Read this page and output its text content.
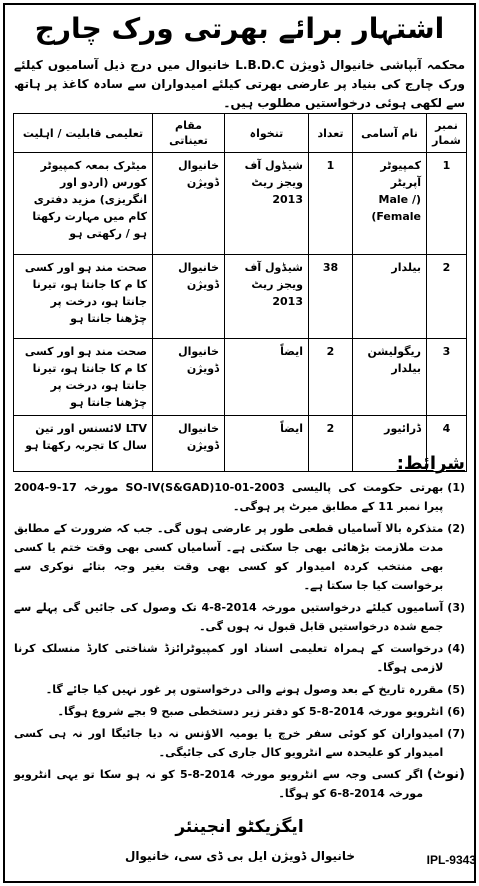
اشتہار برائے بھرتی ورک چارج
محکمہ آبپاشی خانیوال ڈویژن L.B.D.C خانیوال میں درج ذیل آسامیوں کیلئے ورک چارج کی بنیاد پر عارضی بھرتی کیلئے امیدواران سے سادہ کاغذ پر ہاتھ سے لکھی ہوئی درخواستیں مطلوب ہیں۔
نمبر شمار	نام آسامی	تعداد	تنخواہ	مقام تعیناتی	تعلیمی قابلیت / اہلیت
1	کمپیوٹر آپریٹر (Male / Female)	1	شیڈول آف ویجز ریٹ 2013	خانیوال ڈویژن	میٹرک بمعہ کمپیوٹر کورس (اردو اور انگریزی) مزید دفتری کام میں مہارت رکھتا ہو / رکھتی ہو
2	بیلدار	38	شیڈول آف ویجز ریٹ 2013	خانیوال ڈویژن	صحت مند ہو اور کسی کا م کا جانتا ہو، تیرنا جانتا ہو، درخت پر چڑھنا جانتا ہو
3	ریگولیشن بیلدار	2	ایضاً	خانیوال ڈویژن	صحت مند ہو اور کسی کا م کا جانتا ہو، تیرنا جانتا ہو، درخت پر چڑھنا جانتا ہو
4	ڈرائیور	2	ایضاً	خانیوال ڈویژن	LTV لائسنس اور تین سال کا تجربہ رکھتا ہو
شرائط:
(1)
بھرتی حکومت کی پالیسی SO-IV(S&GAD)10-01-2003 مورخہ 17-9-2004 پیرا نمبر 11 کے مطابق میرٹ پر ہوگی۔
(2)
متذکرہ بالا آسامیاں قطعی طور پر عارضی ہوں گی۔ جب کہ ضرورت کے مطابق مدت ملازمت بڑھائی بھی جا سکتی ہے۔ آسامیاں کسی بھی وقت ختم یا کسی بھی منتخب کردہ امیدوار کو کسی بھی وقت بغیر وجہ بتائے نوکری سے برخواست کیا جا سکتا ہے۔
(3)
آسامیوں کیلئے درخواستیں مورخہ 2014-8-4 تک وصول کی جائیں گی پہلے سے جمع شدہ درخواستیں قابل قبول نہ ہوں گی۔
(4)
درخواست کے ہمراہ تعلیمی اسناد اور کمپیوٹرائزڈ شناختی کارڈ منسلک کرنا لازمی ہوگا۔
(5)
مقررہ تاریخ کے بعد وصول ہونے والی درخواستوں پر غور نہیں کیا جائے گا۔
(6)
انٹرویو مورخہ 2014-8-5 کو دفتر زیر دستخطی صبح 9 بجے شروع ہوگا۔
(7)
امیدواران کو کوئی سفر خرچ یا یومیہ الاؤنس نہ دیا جائیگا اور نہ ہی کسی امیدوار کو علیحدہ سے انٹرویو کال جاری کی جائیگی۔
(نوٹ)
اگر کسی وجہ سے انٹرویو مورخہ 2014-8-5 کو نہ ہو سکا تو یہی انٹرویو مورخہ 2014-8-6 کو ہوگا۔
ایگزیکٹو انجینئر
خانیوال ڈویژن ایل بی ڈی سی، خانیوال	IPL-9343
